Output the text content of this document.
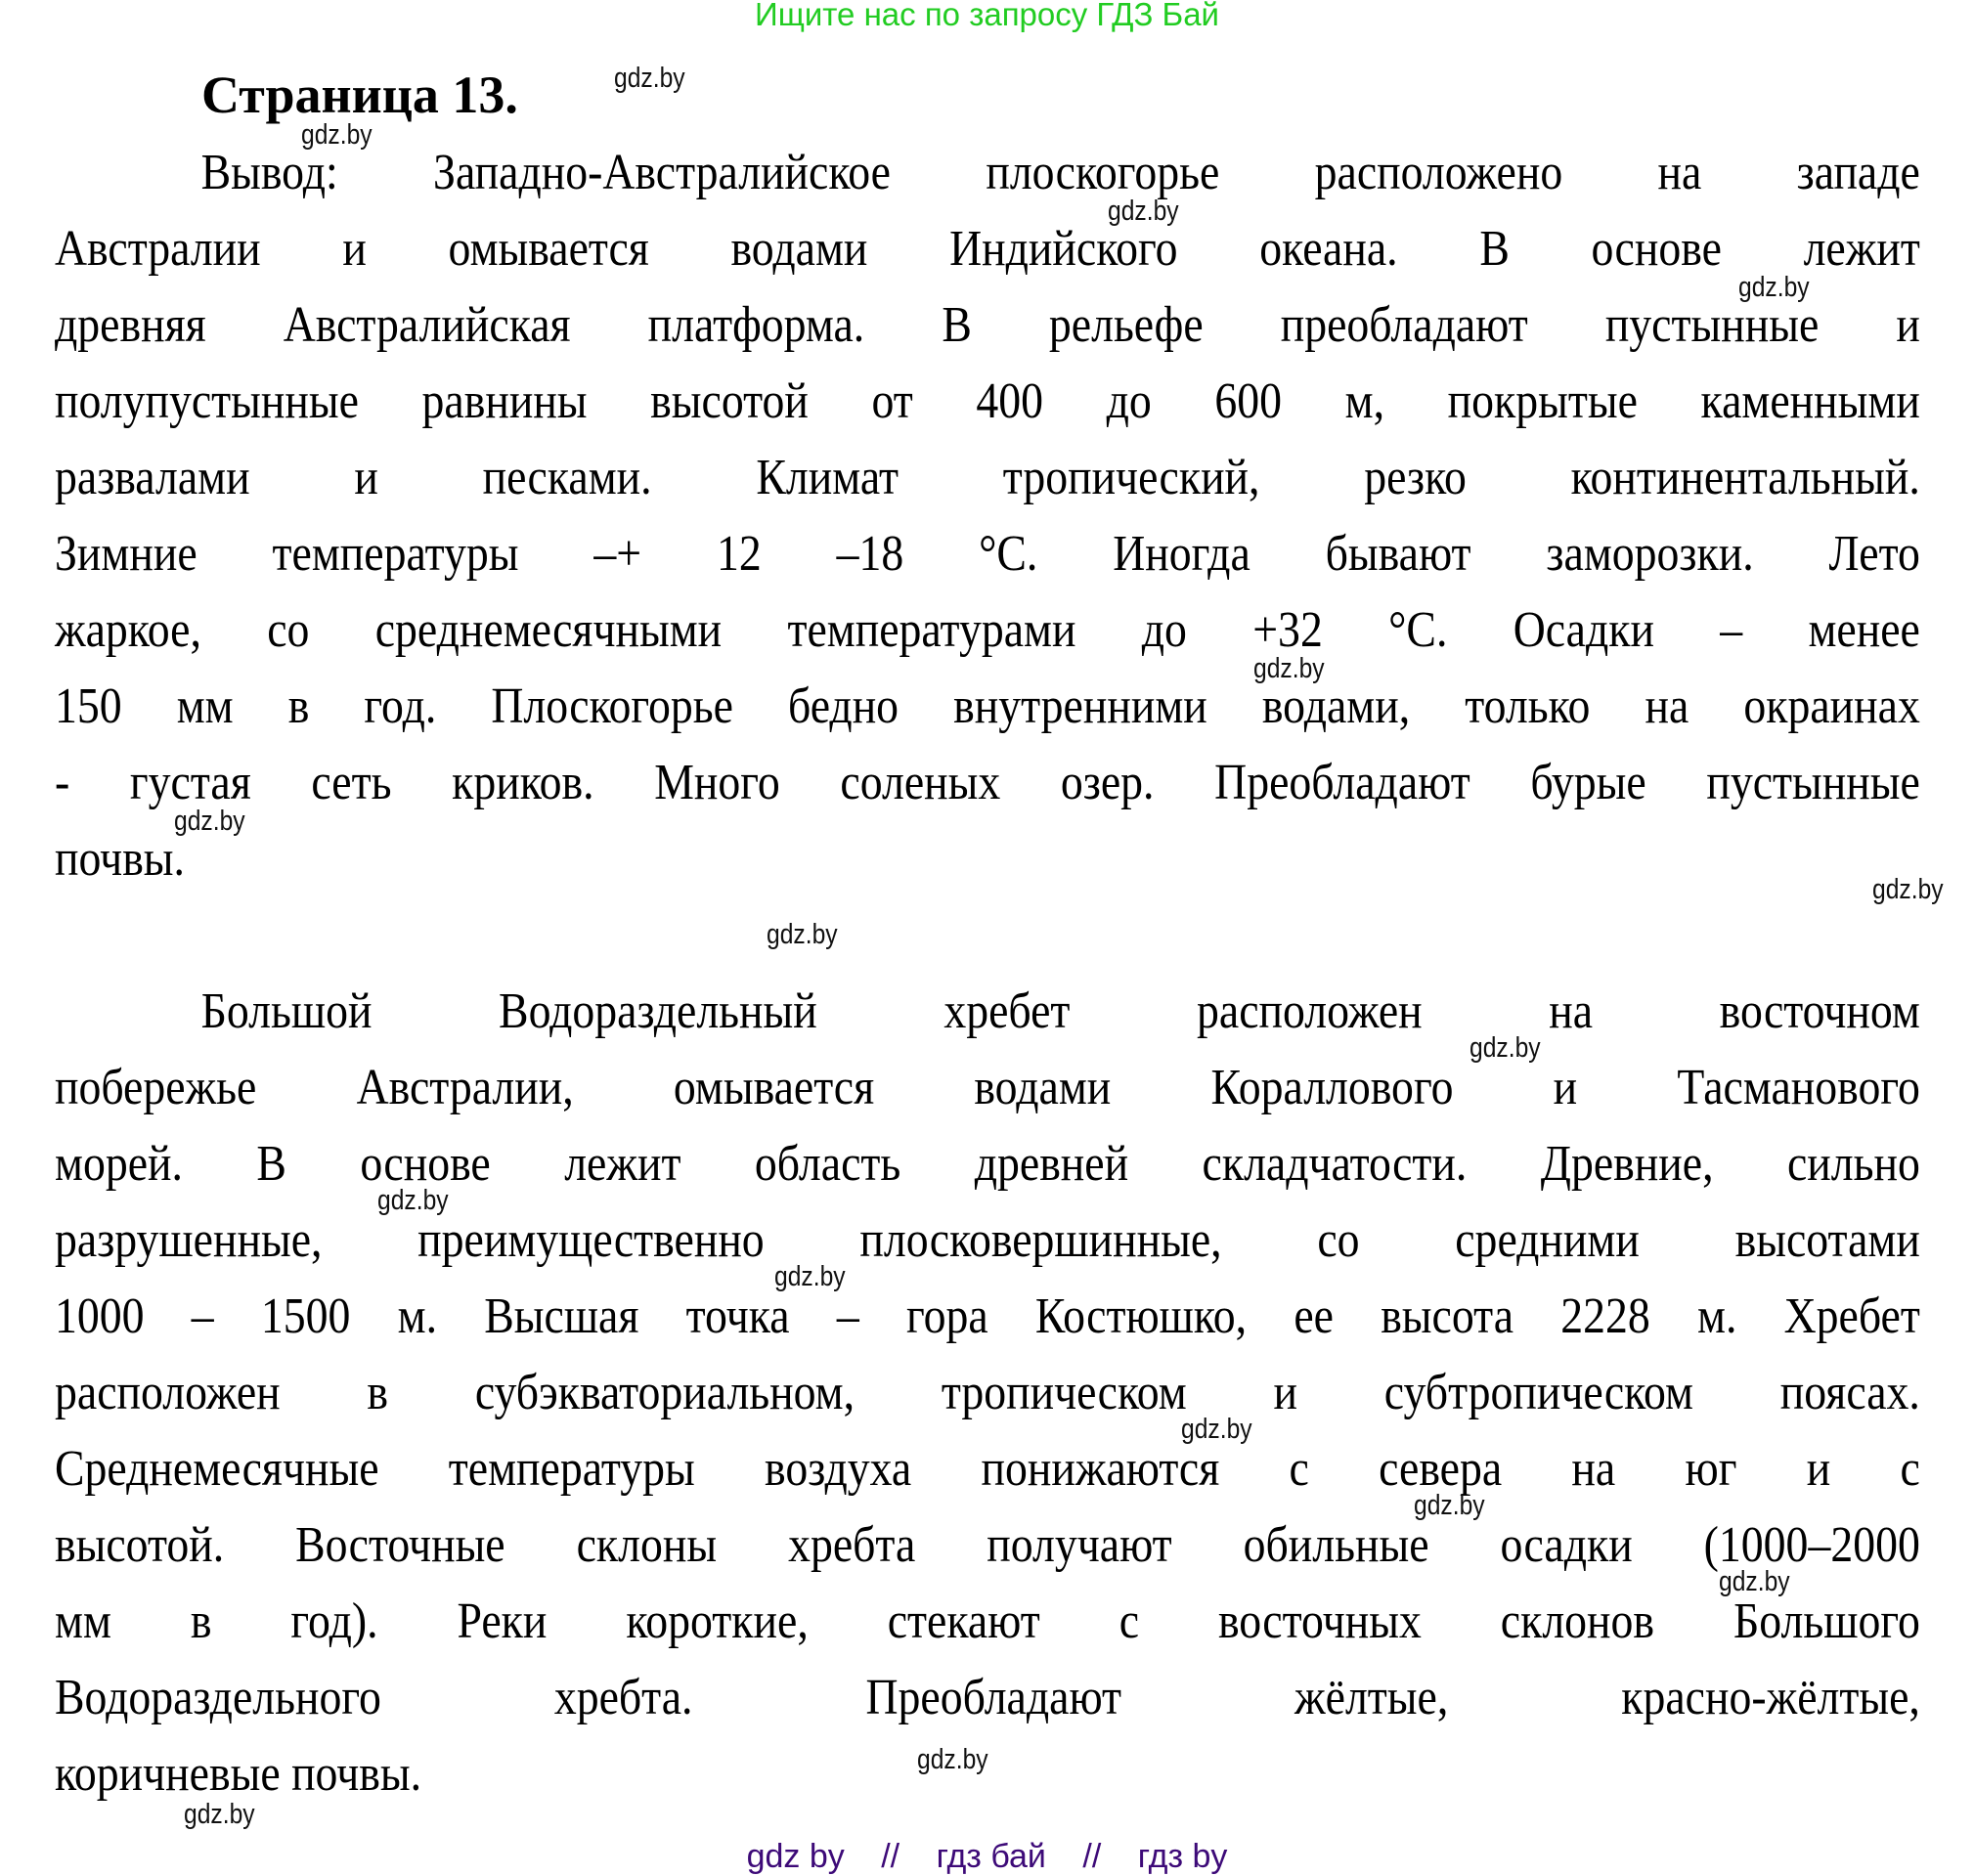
Ищите нас по запросу ГДЗ Бай
Страница 13.
Вывод: Западно-Австралийское плоскогорье расположено на западе
Австралии и омывается водами Индийского океана. В основе лежит
древняя Австралийская платформа. В рельефе преобладают пустынные и
полупустынные равнины высотой от 400 до 600 м, покрытые каменными
развалами и песками. Климат тропический, резко континентальный.
Зимние температуры –+ 12 –18 °С. Иногда бывают заморозки. Лето
жаркое, со среднемесячными температурами до +32 °С. Осадки – менее
150 мм в год. Плоскогорье бедно внутренними водами, только на окраинах
- густая сеть криков. Много соленых озер. Преобладают бурые пустынные
почвы.
Большой Водораздельный хребет расположен на восточном
побережье Австралии, омывается водами Кораллового и Тасманового
морей. В основе лежит область древней складчатости. Древние, сильно
разрушенные, преимущественно плосковершинные, со средними высотами
1000 – 1500 м. Высшая точка – гора Костюшко, ее высота 2228 м. Хребет
расположен в субэкваториальном, тропическом и субтропическом поясах.
Среднемесячные температуры воздуха понижаются с севера на юг и с
высотой. Восточные склоны хребта получают обильные осадки (1000–2000
мм в год). Реки короткие, стекают с восточных склонов Большого
Водораздельного хребта. Преобладают жёлтые, красно-жёлтые,
коричневые почвы.
gdz.by
gdz.by
gdz.by
gdz.by
gdz.by
gdz.by
gdz.by
gdz.by
gdz.by
gdz.by
gdz.by
gdz.by
gdz.by
gdz.by
gdz.by
gdz.by
gdz by // гдз бай // гдз by
